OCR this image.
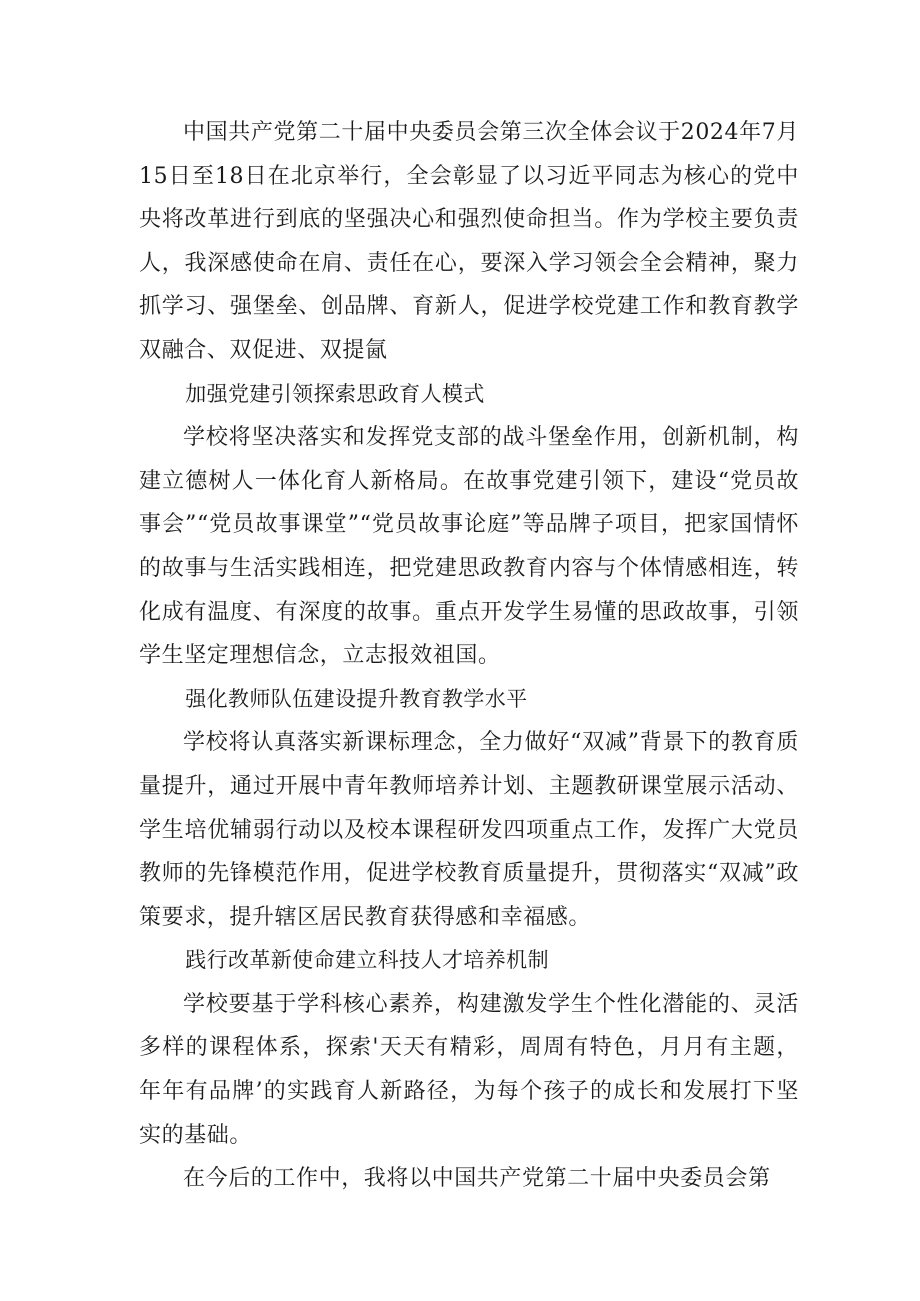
中国共产党第二十届中央委员会第三次全体会议于2024年7月15日至18日在北京举行，全会彰显了以习近平同志为核心的党中央将改革进行到底的坚强决心和强烈使命担当。作为学校主要负责人，我深感使命在肩、责任在心，要深入学习领会全会精神，聚力抓学习、强堡垒、创品牌、育新人，促进学校党建工作和教育教学双融合、双促进、双提氤

加强党建引领探索思政育人模式

学校将坚决落实和发挥党支部的战斗堡垒作用，创新机制，构建立德树人一体化育人新格局。在故事党建引领下，建设“党员故事会”“党员故事课堂”“党员故事论庭”等品牌子项目，把家国情怀的故事与生活实践相连，把党建思政教育内容与个体情感相连，转化成有温度、有深度的故事。重点开发学生易懂的思政故事，引领学生坚定理想信念，立志报效祖国。

强化教师队伍建设提升教育教学水平

学校将认真落实新课标理念，全力做好“双减”背景下的教育质量提升，通过开展中青年教师培养计划、主题教研课堂展示活动、学生培优辅弱行动以及校本课程研发四项重点工作，发挥广大党员教师的先锋模范作用，促进学校教育质量提升，贯彻落实“双减”政策要求，提升辖区居民教育获得感和幸福感。

践行改革新使命建立科技人才培养机制

学校要基于学科核心素养，构建激发学生个性化潜能的、灵活多样的课程体系，探索'天天有精彩，周周有特色，月月有主题，年年有品牌’的实践育人新路径，为每个孩子的成长和发展打下坚实的基础。

在今后的工作中，我将以中国共产党第二十届中央委员会第
